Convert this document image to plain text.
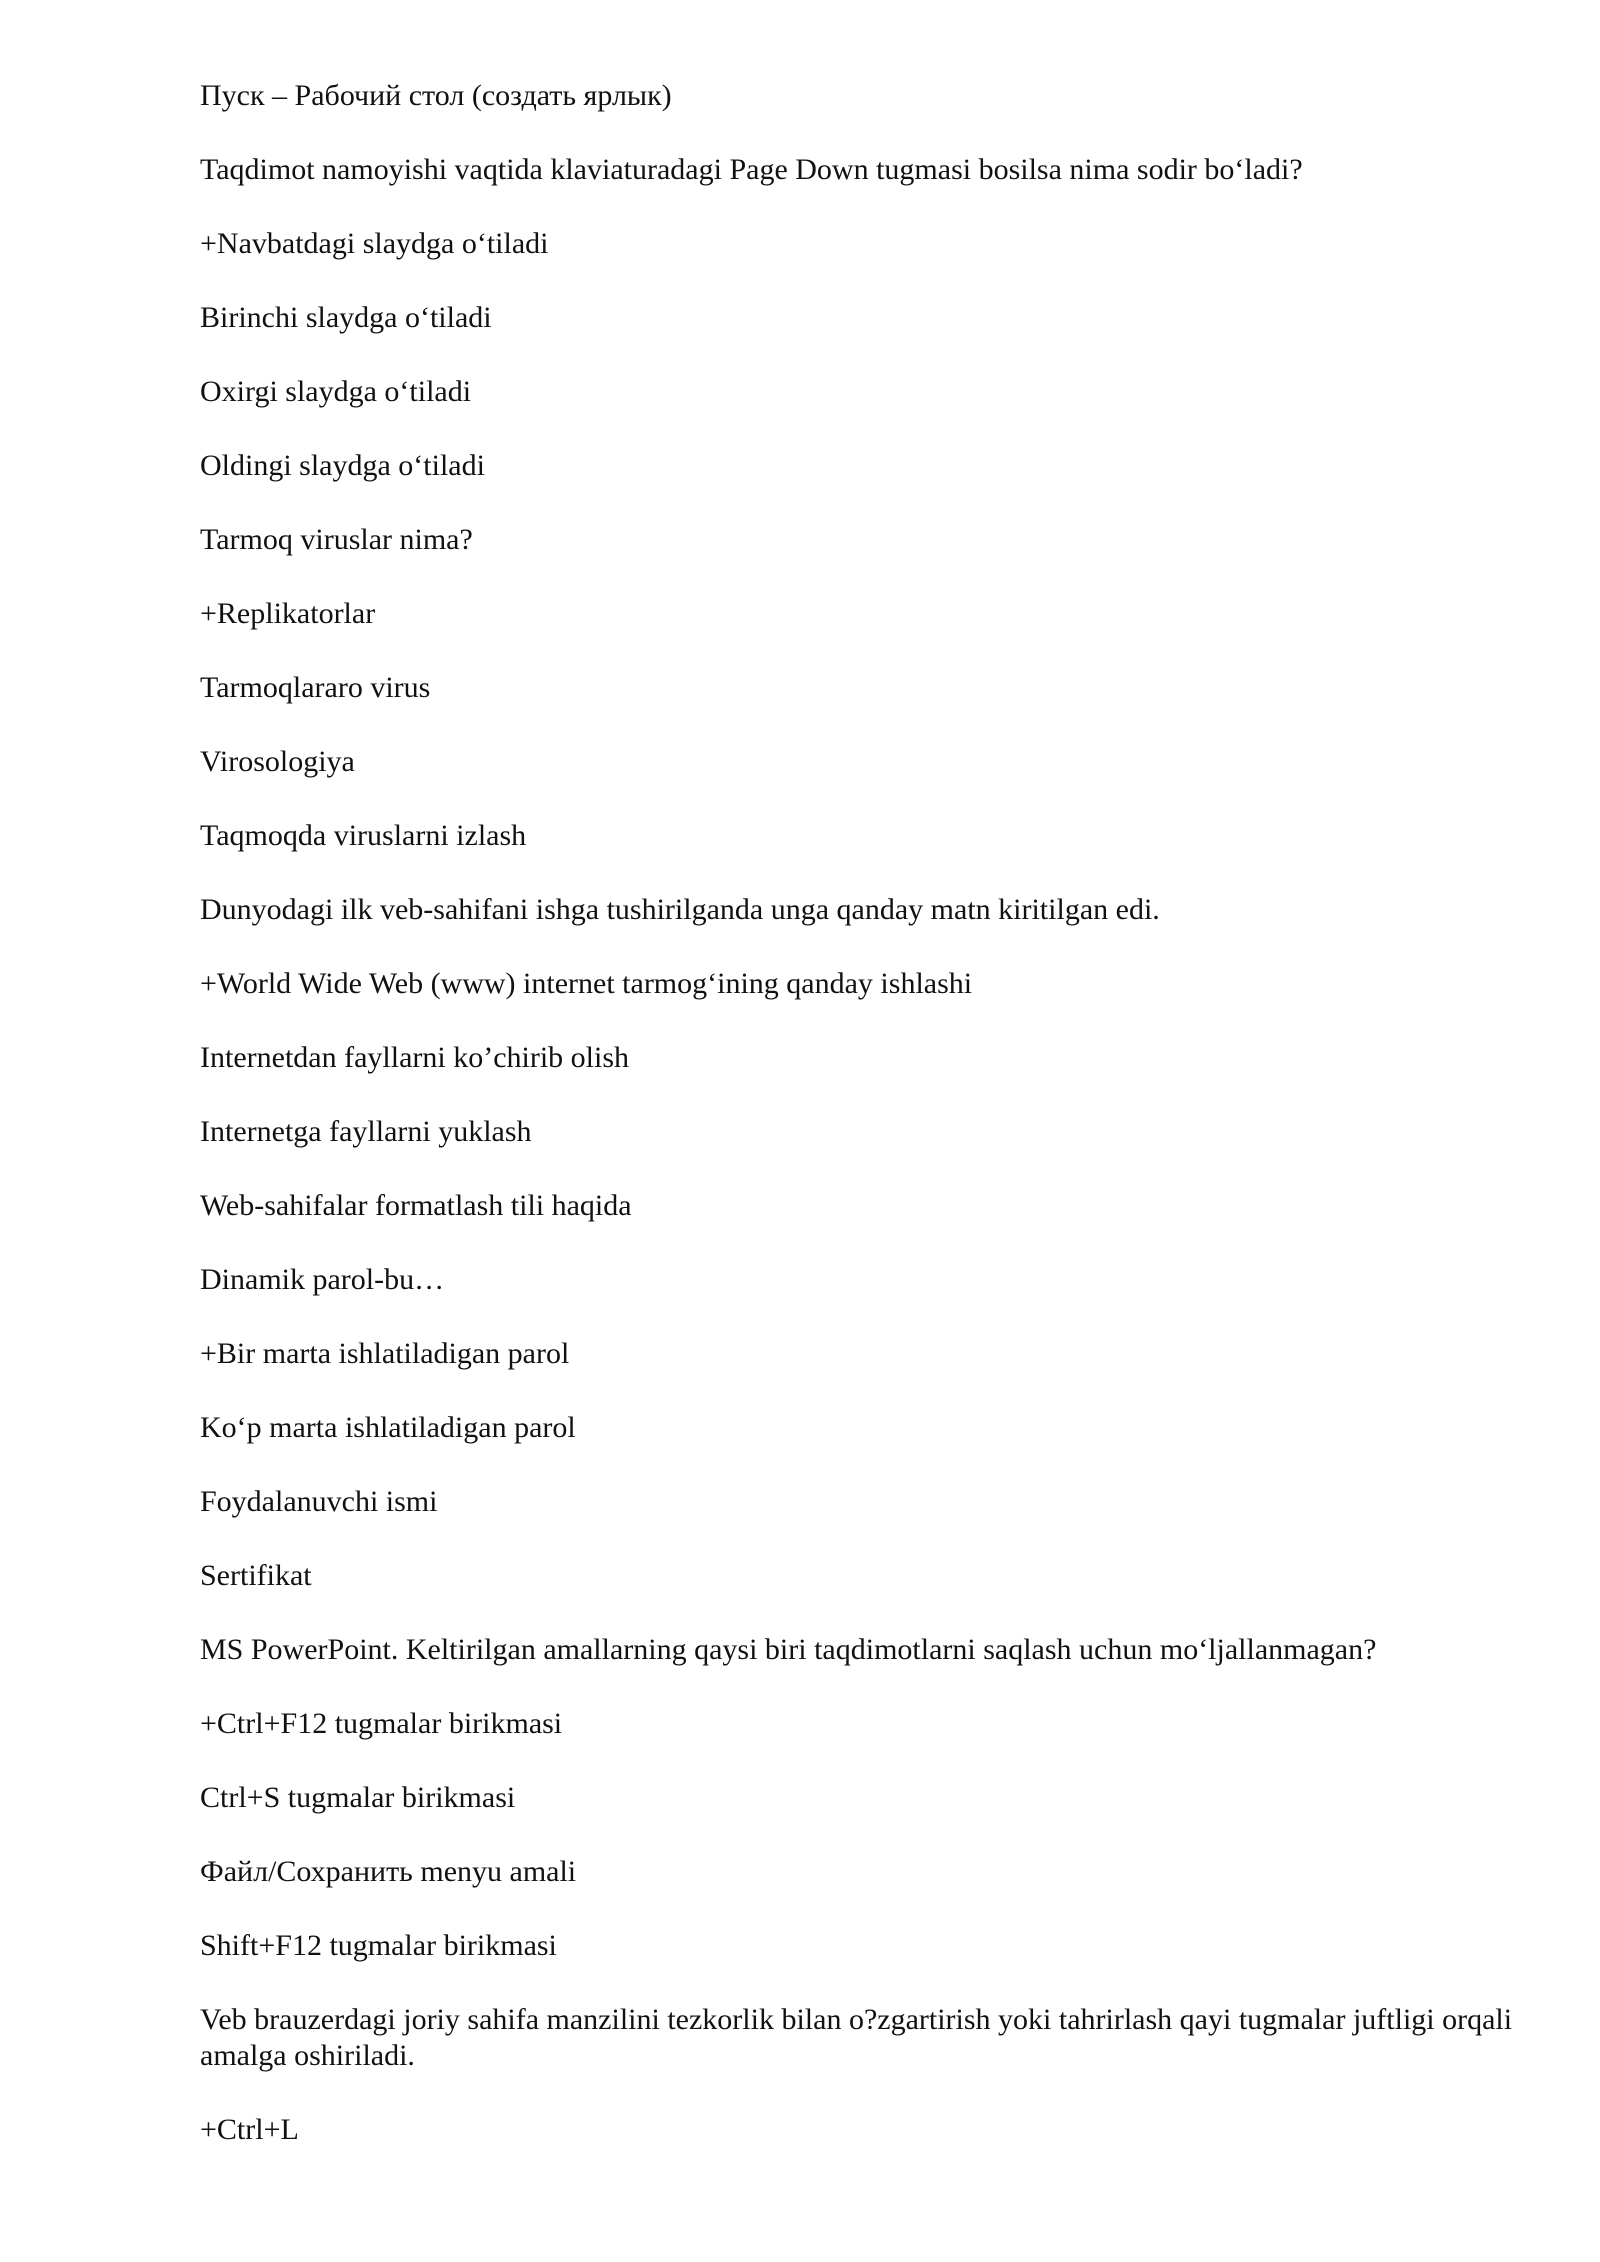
Пуск – Рабочий стол (создать ярлык)

Taqdimot namoyishi vaqtida klaviaturadagi Page Down tugmasi bosilsa nima sodir bo‘ladi?

+Navbatdagi slaydga o‘tiladi

Birinchi slaydga o‘tiladi

Oxirgi slaydga o‘tiladi

Oldingi slaydga o‘tiladi

Tarmoq viruslar nima?

+Replikatorlar

Tarmoqlararo virus

Virosologiya

Taqmoqda viruslarni izlash

Dunyodagi ilk veb-sahifani ishga tushirilganda unga qanday matn kiritilgan edi.

+World Wide Web (www) internet tarmog‘ining qanday ishlashi

Internetdan fayllarni ko’chirib olish

Internetga fayllarni yuklash

Web-sahifalar formatlash tili haqida

Dinamik parol-bu…

+Bir marta ishlatiladigan parol

Ko‘p marta ishlatiladigan parol

Foydalanuvchi ismi

Sertifikat

MS PowerPoint. Keltirilgan amallarning qaysi biri taqdimotlarni saqlash uchun mo‘ljallanmagan?

+Ctrl+F12 tugmalar birikmasi

Ctrl+S tugmalar birikmasi

Файл/Сохранить menyu amali

Shift+F12 tugmalar birikmasi

Veb brauzerdagi joriy sahifa manzilini tezkorlik bilan o?zgartirish yoki tahrirlash qayi tugmalar juftligi orqali amalga oshiriladi.

+Ctrl+L
